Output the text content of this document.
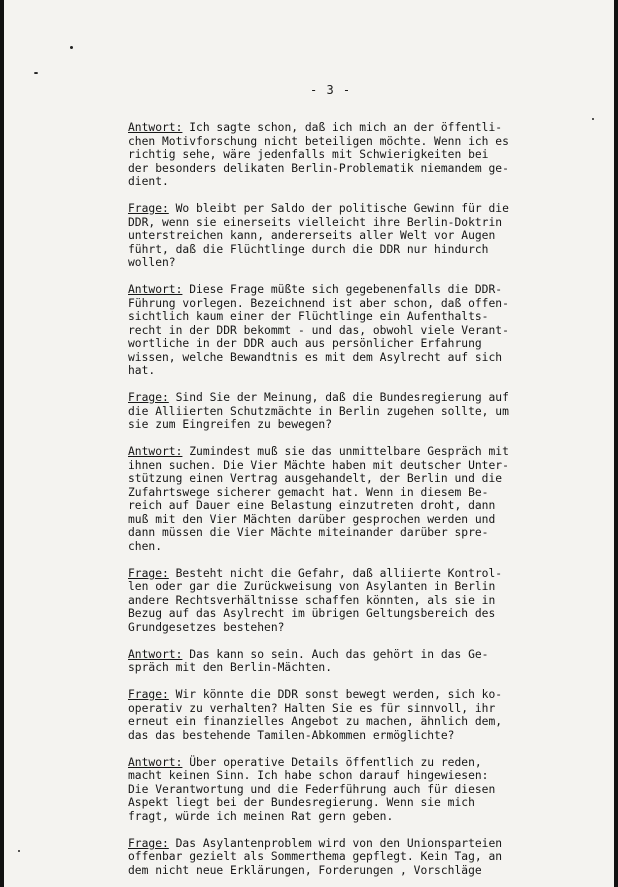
- 3 -

Antwort: Ich sagte schon, daß ich mich an der öffentli-
chen Motivforschung nicht beteiligen möchte. Wenn ich es
richtig sehe, wäre jedenfalls mit Schwierigkeiten bei
der besonders delikaten Berlin-Problematik niemandem ge-
dient.

Frage: Wo bleibt per Saldo der politische Gewinn für die
DDR, wenn sie einerseits vielleicht ihre Berlin-Doktrin
unterstreichen kann, andererseits aller Welt vor Augen
führt, daß die Flüchtlinge durch die DDR nur hindurch
wollen?

Antwort: Diese Frage müßte sich gegebenenfalls die DDR-
Führung vorlegen. Bezeichnend ist aber schon, daß offen-
sichtlich kaum einer der Flüchtlinge ein Aufenthalts-
recht in der DDR bekommt - und das, obwohl viele Verant-
wortliche in der DDR auch aus persönlicher Erfahrung
wissen, welche Bewandtnis es mit dem Asylrecht auf sich
hat.

Frage: Sind Sie der Meinung, daß die Bundesregierung auf
die Alliierten Schutzmächte in Berlin zugehen sollte, um
sie zum Eingreifen zu bewegen?

Antwort: Zumindest muß sie das unmittelbare Gespräch mit
ihnen suchen. Die Vier Mächte haben mit deutscher Unter-
stützung einen Vertrag ausgehandelt, der Berlin und die
Zufahrtswege sicherer gemacht hat. Wenn in diesem Be-
reich auf Dauer eine Belastung einzutreten droht, dann
muß mit den Vier Mächten darüber gesprochen werden und
dann müssen die Vier Mächte miteinander darüber spre-
chen.

Frage: Besteht nicht die Gefahr, daß alliierte Kontrol-
len oder gar die Zurückweisung von Asylanten in Berlin
andere Rechtsverhältnisse schaffen könnten, als sie in
Bezug auf das Asylrecht im übrigen Geltungsbereich des
Grundgesetzes bestehen?

Antwort: Das kann so sein. Auch das gehört in das Ge-
spräch mit den Berlin-Mächten.

Frage: Wir könnte die DDR sonst bewegt werden, sich ko-
operativ zu verhalten? Halten Sie es für sinnvoll, ihr
erneut ein finanzielles Angebot zu machen, ähnlich dem,
das das bestehende Tamilen-Abkommen ermöglichte?

Antwort: Über operative Details öffentlich zu reden,
macht keinen Sinn. Ich habe schon darauf hingewiesen:
Die Verantwortung und die Federführung auch für diesen
Aspekt liegt bei der Bundesregierung. Wenn sie mich
fragt, würde ich meinen Rat gern geben.

Frage: Das Asylantenproblem wird von den Unionsparteien
offenbar gezielt als Sommerthema gepflegt. Kein Tag, an
dem nicht neue Erklärungen, Forderungen , Vorschläge
